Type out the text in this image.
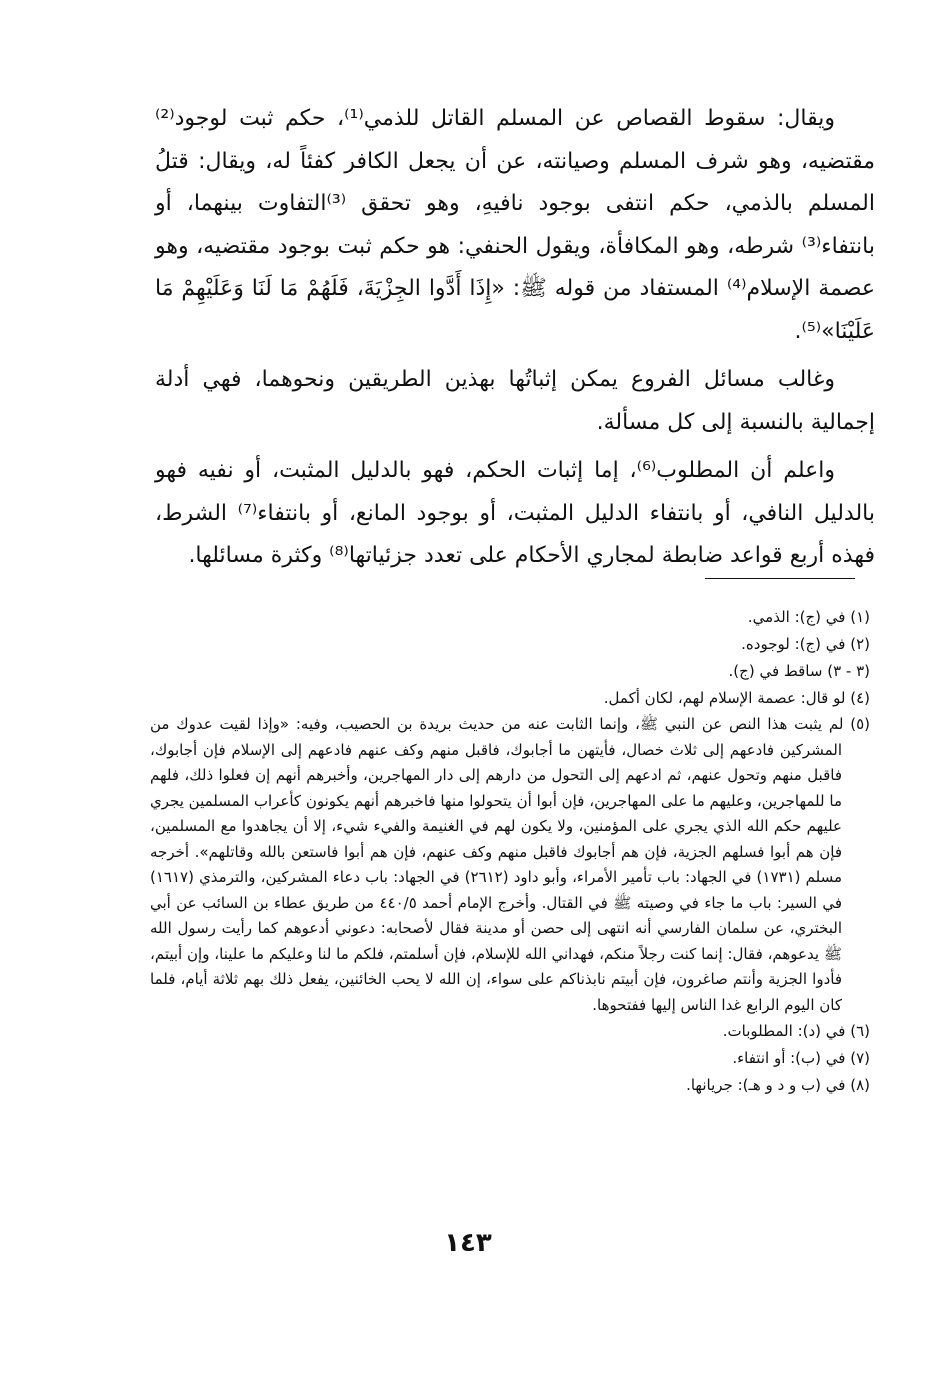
ويقال: سقوط القصاص عن المسلم القاتل للذمي⁽¹⁾، حكم ثبت لوجود⁽²⁾ مقتضيه، وهو شرف المسلم وصيانته، عن أن يجعل الكافر كفئاً له، ويقال: قتلُ المسلم بالذمي، حكم انتفى بوجود نافيهِ، وهو تحقق ⁽³⁾التفاوت بينهما، أو بانتفاء⁽³⁾ شرطه، وهو المكافأة، ويقول الحنفي: هو حكم ثبت بوجود مقتضيه، وهو عصمة الإسلام⁽⁴⁾ المستفاد من قوله ﷺ: «إِذَا أَدَّوا الجِزْيَةَ، فَلَهُمْ مَا لَنَا وَعَلَيْهِمْ مَا عَلَيْنَا»⁽⁵⁾.

وغالب مسائل الفروع يمكن إثباتُها بهذين الطريقين ونحوهما، فهي أدلة إجمالية بالنسبة إلى كل مسألة.

واعلم أن المطلوب⁽⁶⁾، إما إثبات الحكم، فهو بالدليل المثبت، أو نفيه فهو بالدليل النافي، أو بانتفاء الدليل المثبت، أو بوجود المانع، أو بانتفاء⁽⁷⁾ الشرط، فهذه أربع قواعد ضابطة لمجاري الأحكام على تعدد جزئياتها⁽⁸⁾ وكثرة مسائلها.

(١) في (ج): الذمي.

(٢) في (ج): لوجوده.

(٣ - ٣) ساقط في (ج).

(٤) لو قال: عصمة الإسلام لهم، لكان أكمل.

(٥) لم يثبت هذا النص عن النبي ﷺ، وإنما الثابت عنه من حديث بريدة بن الحصيب، وفيه: «وإذا لقيت عدوك من المشركين فادعهم إلى ثلاث خصال، فأيتهن ما أجابوك، فاقبل منهم وكف عنهم فادعهم إلى الإسلام فإن أجابوك، فاقبل منهم وتحول عنهم، ثم ادعهم إلى التحول من دارهم إلى دار المهاجرين، وأخبرهم أنهم إن فعلوا ذلك، فلهم ما للمهاجرين، وعليهم ما على المهاجرين، فإن أبوا أن يتحولوا منها فاخبرهم أنهم يكونون كأعراب المسلمين يجري عليهم حكم الله الذي يجري على المؤمنين، ولا يكون لهم في الغنيمة والفيء شيء، إلا أن يجاهدوا مع المسلمين، فإن هم أبوا فسلهم الجزية، فإن هم أجابوك فاقبل منهم وكف عنهم، فإن هم أبوا فاستعن بالله وقاتلهم». أخرجه مسلم (١٧٣١) في الجهاد: باب تأمير الأمراء، وأبو داود (٢٦١٢) في الجهاد: باب دعاء المشركين، والترمذي (١٦١٧) في السير: باب ما جاء في وصيته ﷺ في القتال. وأخرج الإمام أحمد ٤٤٠/٥ من طريق عطاء بن السائب عن أبي البختري، عن سلمان الفارسي أنه انتهى إلى حصن أو مدينة فقال لأصحابه: دعوني أدعوهم كما رأيت رسول الله ﷺ يدعوهم، فقال: إنما كنت رجلاً منكم، فهداني الله للإسلام، فإن أسلمتم، فلكم ما لنا وعليكم ما علينا، وإن أبيتم، فأدوا الجزية وأنتم صاغرون، فإن أبيتم نابذناكم على سواء، إن الله لا يحب الخائنين، يفعل ذلك بهم ثلاثة أيام، فلما كان اليوم الرابع غدا الناس إليها ففتحوها.

(٦) في (د): المطلوبات.

(٧) في (ب): أو انتفاء.

(٨) في (ب و د و هـ): جريانها.

١٤٣
